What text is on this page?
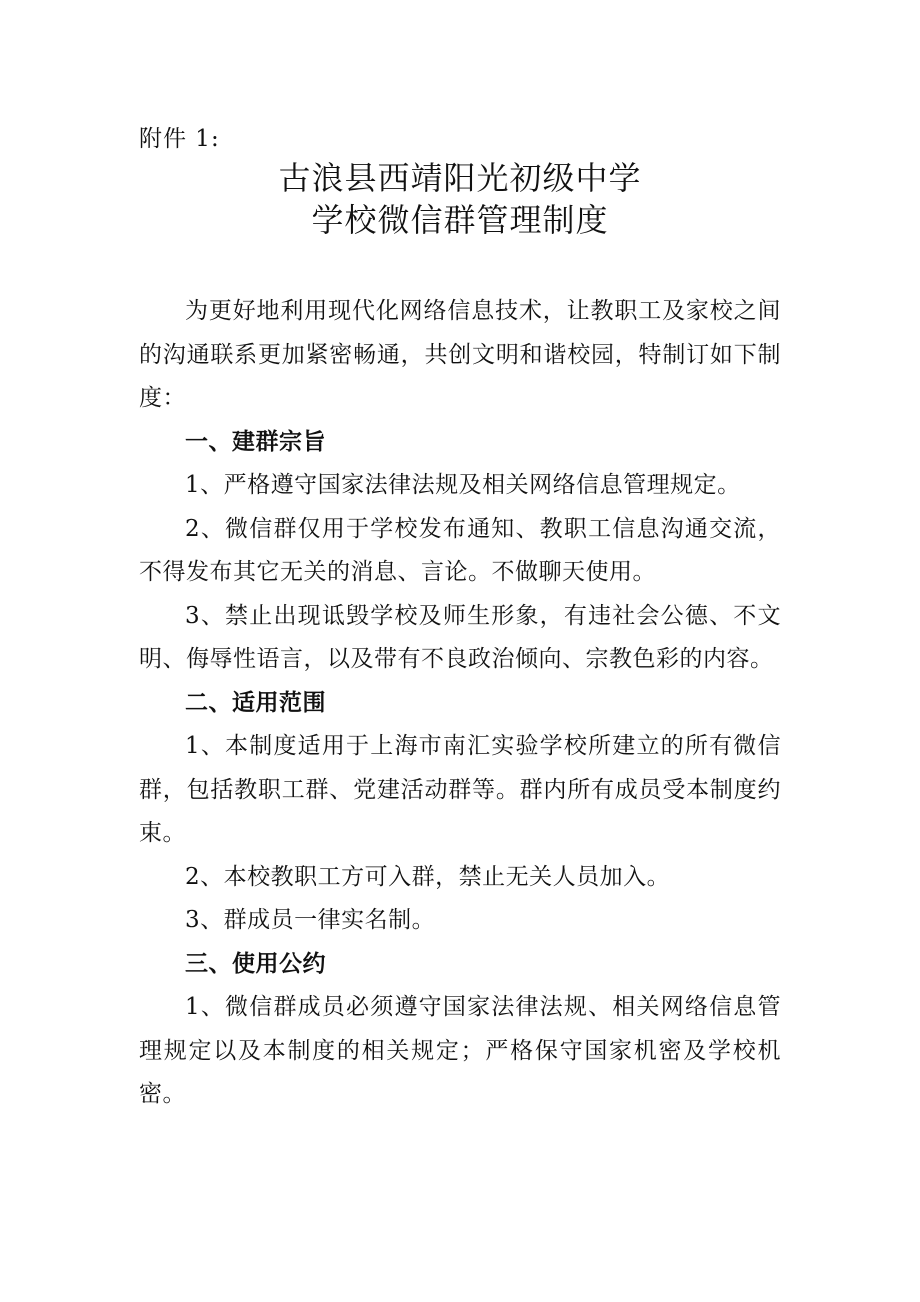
附件 1:
古浪县西靖阳光初级中学
学校微信群管理制度

为更好地利用现代化网络信息技术，让教职工及家校之间的沟通联系更加紧密畅通，共创文明和谐校园，特制订如下制度：

一、建群宗旨

1、严格遵守国家法律法规及相关网络信息管理规定。

2、微信群仅用于学校发布通知、教职工信息沟通交流，不得发布其它无关的消息、言论。不做聊天使用。

3、禁止出现诋毁学校及师生形象，有违社会公德、不文明、侮辱性语言，以及带有不良政治倾向、宗教色彩的内容。

二、适用范围

1、本制度适用于上海市南汇实验学校所建立的所有微信群，包括教职工群、党建活动群等。群内所有成员受本制度约束。

2、本校教职工方可入群，禁止无关人员加入。

3、群成员一律实名制。

三、使用公约

1、微信群成员必须遵守国家法律法规、相关网络信息管理规定以及本制度的相关规定；严格保守国家机密及学校机密。
